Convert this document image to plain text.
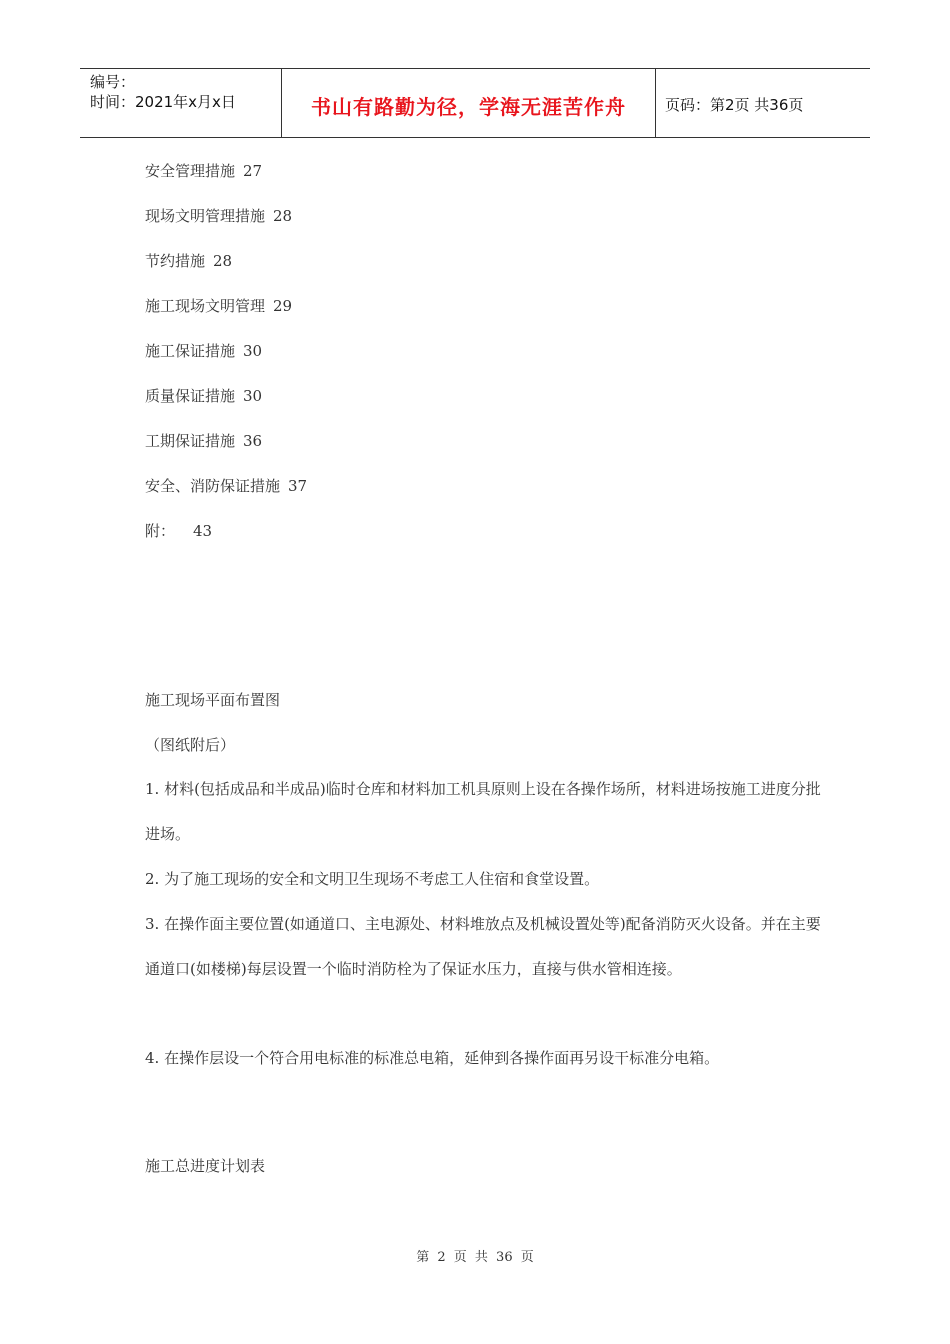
编号：
时间：2021年x月x日	书山有路勤为径，学海无涯苦作舟	页码：第2页 共36页
安全管理措施 27
现场文明管理措施 28
节约措施 28
施工现场文明管理 29
施工保证措施 30
质量保证措施 30
工期保证措施 36
安全、消防保证措施 37
附： 43
施工现场平面布置图
（图纸附后）
1. 材料(包括成品和半成品)临时仓库和材料加工机具原则上设在各操作场所，材料进场按施工进度分批进场。
2. 为了施工现场的安全和文明卫生现场不考虑工人住宿和食堂设置。
3. 在操作面主要位置(如通道口、主电源处、材料堆放点及机械设置处等)配备消防灭火设备。并在主要通道口(如楼梯)每层设置一个临时消防栓为了保证水压力，直接与供水管相连接。
4. 在操作层设一个符合用电标准的标准总电箱，延伸到各操作面再另设干标准分电箱。
施工总进度计划表
第 2 页 共 36 页
